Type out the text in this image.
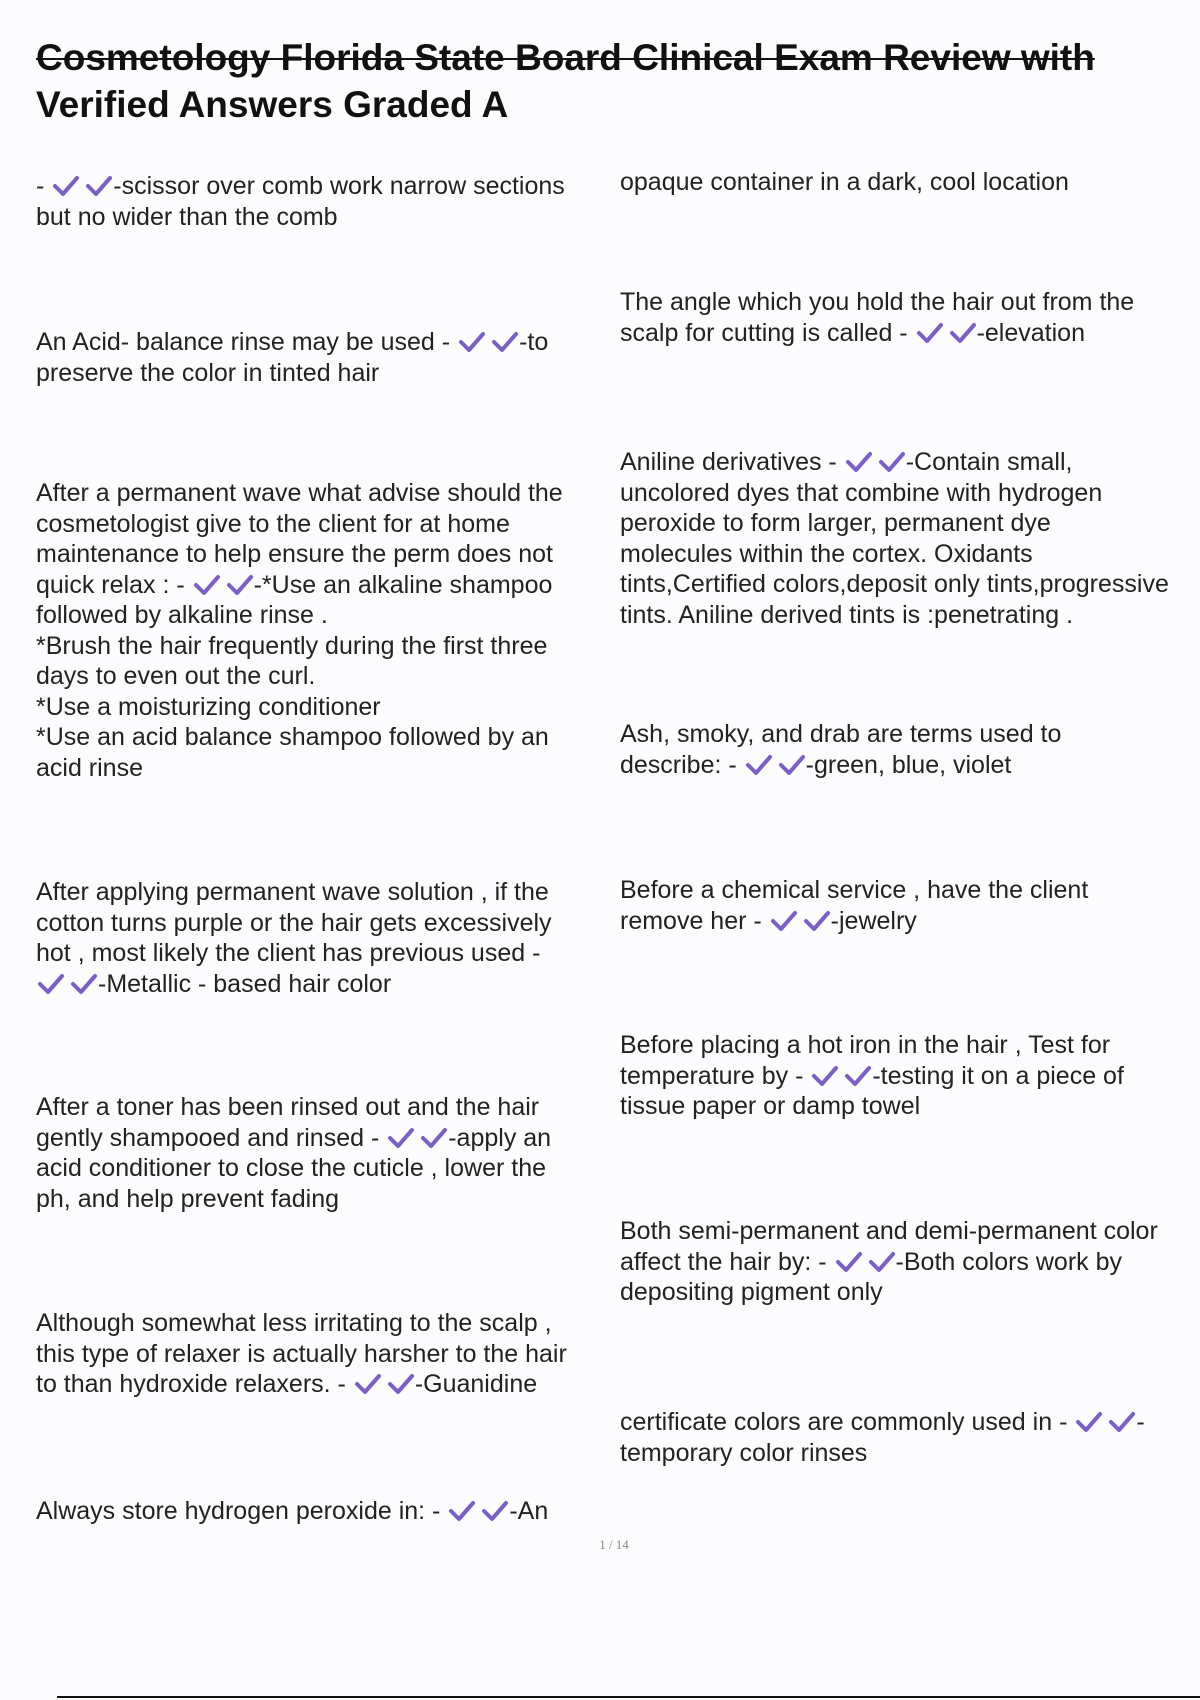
Cosmetology Florida State Board Clinical Exam Review with
Verified Answers Graded A
-
-scissor over comb work narrow sections
but no wider than the comb
An Acid- balance rinse may be used -
-to
preserve the color in tinted hair
After a permanent wave what advise should the
cosmetologist give to the client for at home
maintenance to help ensure the perm does not
quick relax : -
-*Use an alkaline shampoo
followed by alkaline rinse .
*Brush the hair frequently during the first three
days to even out the curl.
*Use a moisturizing conditioner
*Use an acid balance shampoo followed by an
acid rinse
After applying permanent wave solution , if the
cotton turns purple or the hair gets excessively
hot , most likely the client has previous used -
-Metallic - based hair color
After a toner has been rinsed out and the hair
gently shampooed and rinsed -
-apply an
acid conditioner to close the cuticle , lower the
ph, and help prevent fading
Although somewhat less irritating to the scalp ,
this type of relaxer is actually harsher to the hair
to than hydroxide relaxers. -
-Guanidine
Always store hydrogen peroxide in: -
-An
opaque container in a dark, cool location
The angle which you hold the hair out from the
scalp for cutting is called -
-elevation
Aniline derivatives -
-Contain small,
uncolored dyes that combine with hydrogen
peroxide to form larger, permanent dye
molecules within the cortex. Oxidants
tints,Certified colors,deposit only tints,progressive
tints. Aniline derived tints is :penetrating .
Ash, smoky, and drab are terms used to
describe: -
-green, blue, violet
Before a chemical service , have the client
remove her -
-jewelry
Before placing a hot iron in the hair , Test for
temperature by -
-testing it on a piece of
tissue paper or damp towel
Both semi-permanent and demi-permanent color
affect the hair by: -
-Both colors work by
depositing pigment only
certificate colors are commonly used in -
-
temporary color rinses
1 / 14
